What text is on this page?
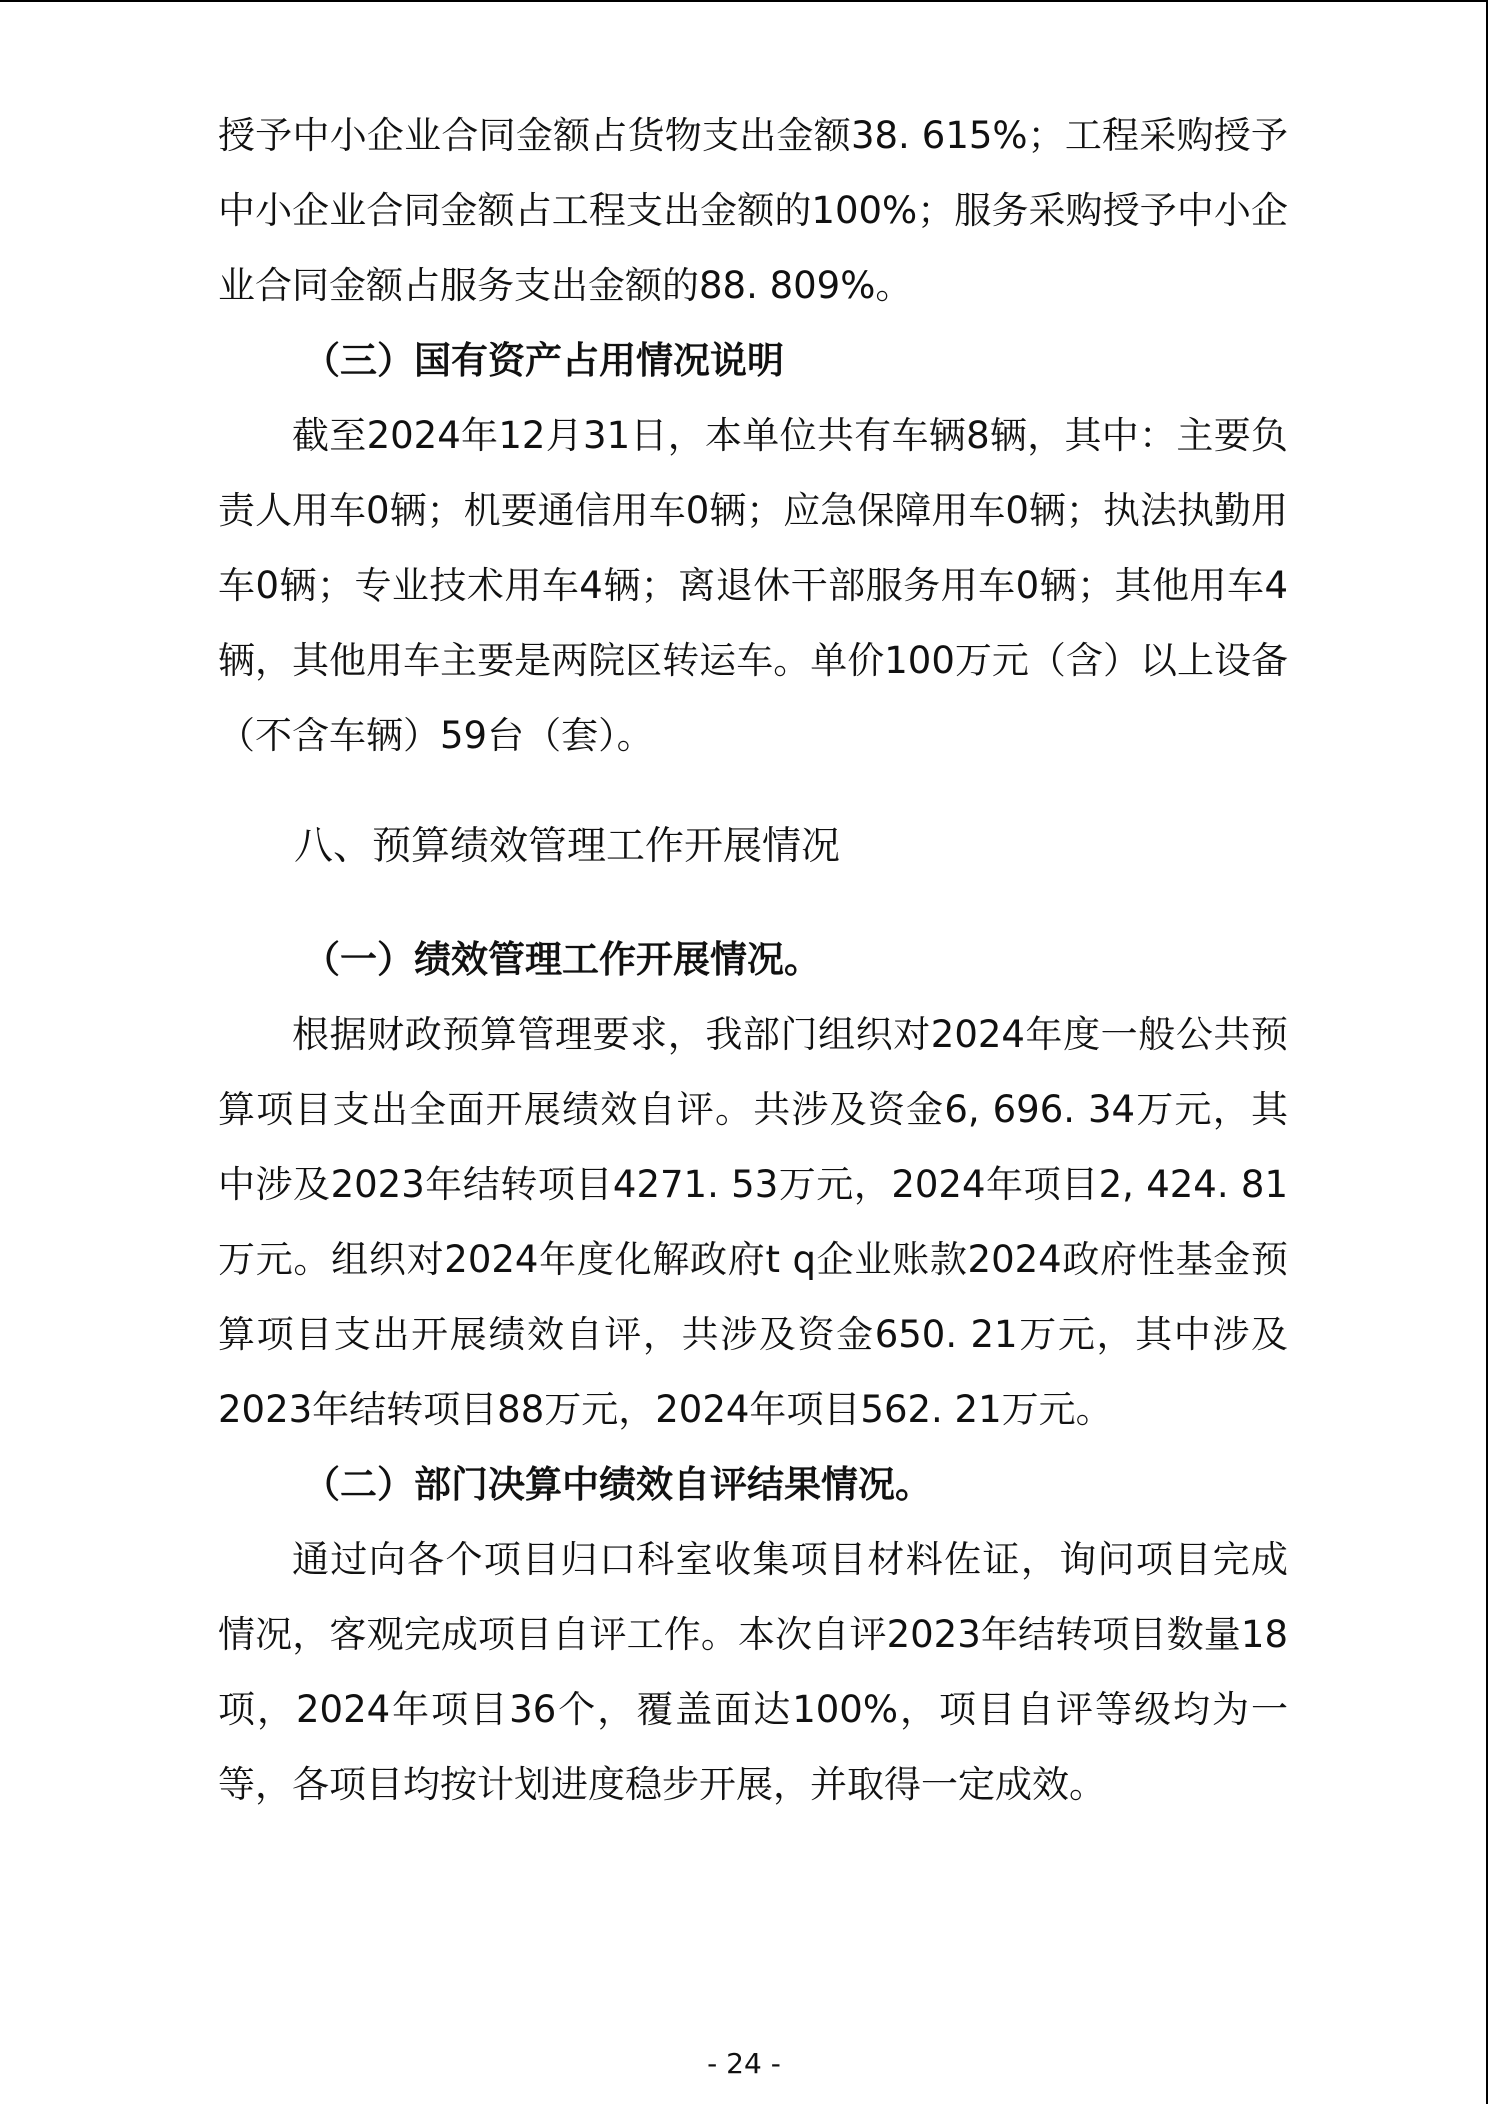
授予中小企业合同金额占货物支出金额38. 615%；工程采购授予中小企业合同金额占工程支出金额的100%；服务采购授予中小企业合同金额占服务支出金额的88. 809%。

（三）国有资产占用情况说明

截至2024年12月31日，本单位共有车辆8辆，其中：主要负责人用车0辆；机要通信用车0辆；应急保障用车0辆；执法执勤用车0辆；专业技术用车4辆；离退休干部服务用车0辆；其他用车4辆，其他用车主要是两院区转运车。单价100万元（含）以上设备（不含车辆）59台（套）。

八、预算绩效管理工作开展情况

（一）绩效管理工作开展情况。

根据财政预算管理要求，我部门组织对2024年度一般公共预算项目支出全面开展绩效自评。共涉及资金6, 696. 34万元，其中涉及2023年结转项目4271. 53万元，2024年项目2, 424. 81万元。组织对2024年度化解政府t q企业账款2024政府性基金预算项目支出开展绩效自评，共涉及资金650. 21万元，其中涉及2023年结转项目88万元，2024年项目562. 21万元。

（二）部门决算中绩效自评结果情况。

通过向各个项目归口科室收集项目材料佐证，询问项目完成情况，客观完成项目自评工作。本次自评2023年结转项目数量18项，2024年项目36个，覆盖面达100%，项目自评等级均为一等，各项目均按计划进度稳步开展，并取得一定成效。

- 24 -
